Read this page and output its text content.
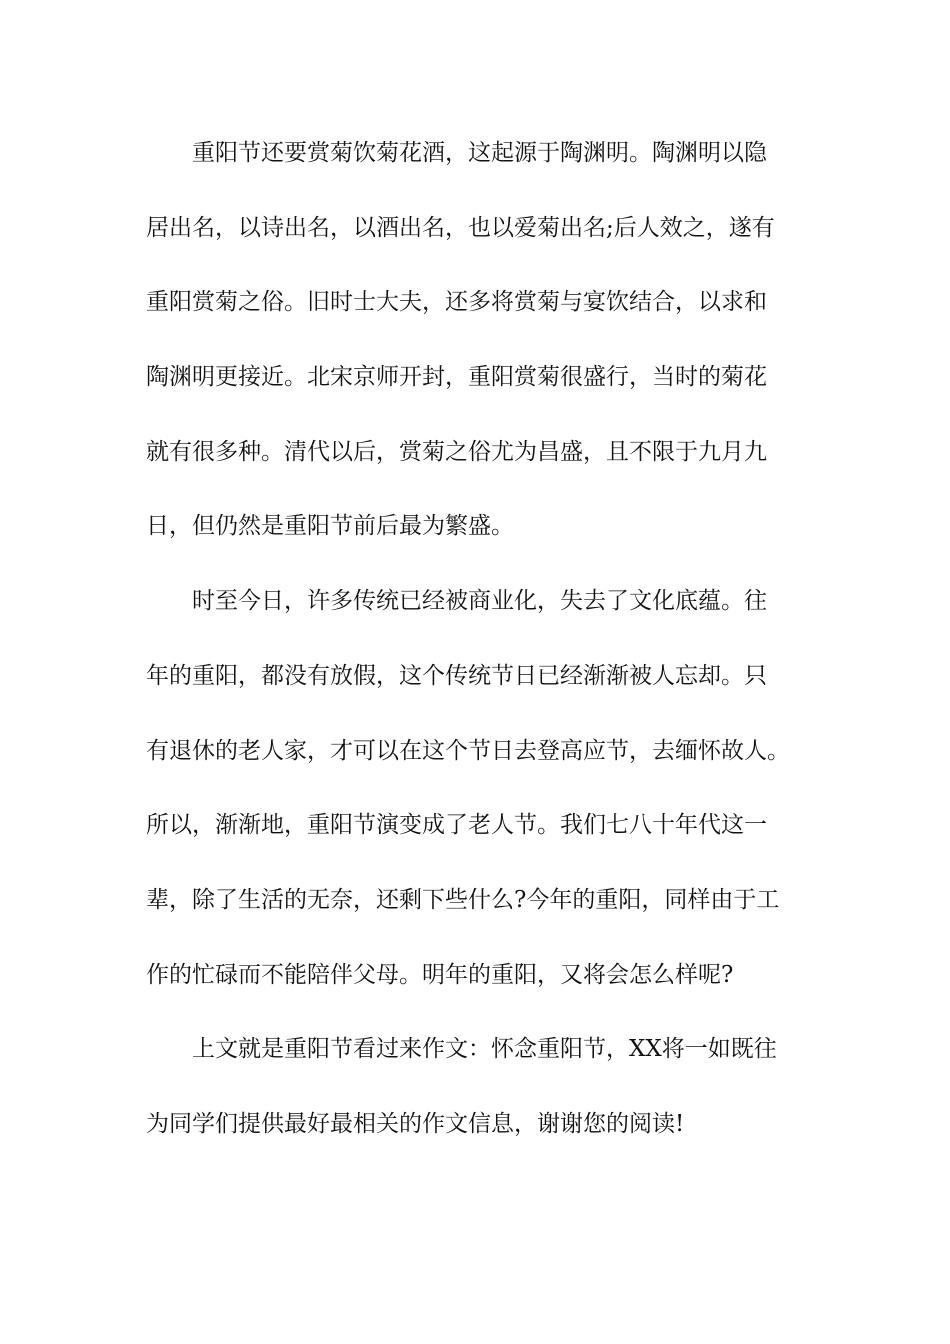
重阳节还要赏菊饮菊花酒，这起源于陶渊明。陶渊明以隐
居出名，以诗出名，以酒出名，也以爱菊出名;后人效之，遂有
重阳赏菊之俗。旧时士大夫，还多将赏菊与宴饮结合，以求和
陶渊明更接近。北宋京师开封，重阳赏菊很盛行，当时的菊花
就有很多种。清代以后，赏菊之俗尤为昌盛，且不限于九月九
日，但仍然是重阳节前后最为繁盛。
时至今日，许多传统已经被商业化，失去了文化底蕴。往
年的重阳，都没有放假，这个传统节日已经渐渐被人忘却。只
有退休的老人家，才可以在这个节日去登高应节，去缅怀故人。
所以，渐渐地，重阳节演变成了老人节。我们七八十年代这一
辈，除了生活的无奈，还剩下些什么?今年的重阳，同样由于工
作的忙碌而不能陪伴父母。明年的重阳，又将会怎么样呢?
上文就是重阳节看过来作文：怀念重阳节，XX将一如既往
为同学们提供最好最相关的作文信息，谢谢您的阅读!
